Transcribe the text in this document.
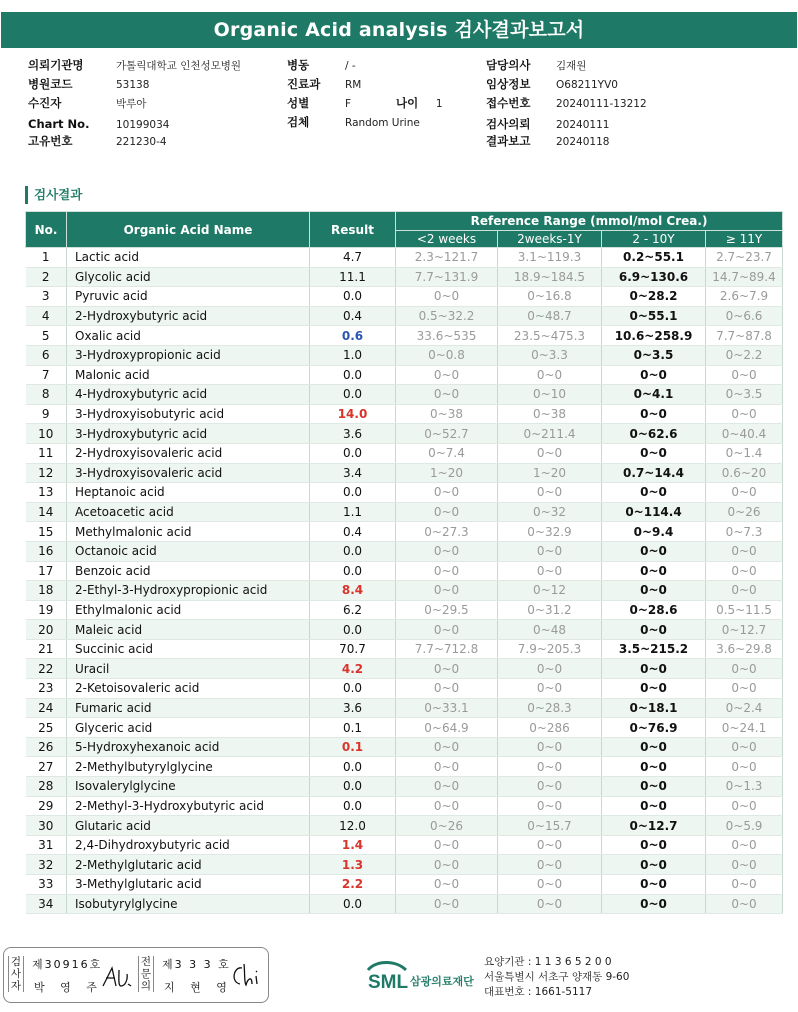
Organic Acid analysis 검사결과보고서
의뢰기관명	가톨릭대학교 인천성모병원
병원코드	53138
수진자	박루아
Chart No.	10199034
고유번호	221230-4
병동	/ -
진료과 RM
성별	F
검체	Random Urine
담당의사 김재원
임상정보 O68211YV0
접수번호 20240111-13212
검사의뢰 20240111
결과보고 20240118
나이 1
검사결과
No.	Organic Acid Name	Result	Reference Range (mmol/mol Crea.)			
			<2 weeks	2weeks-1Y	2 - 10Y	≥ 11Y
1	Lactic acid	4.7	2.3~121.7	3.1~119.3	0.2~55.1	2.7~23.7
2	Glycolic acid	11.1	7.7~131.9	18.9~184.5	6.9~130.6	14.7~89.4
3	Pyruvic acid	0.0	0~0	0~16.8	0~28.2	2.6~7.9
4	2-Hydroxybutyric acid	0.4	0.5~32.2	0~48.7	0~55.1	0~6.6
5	Oxalic acid	0.6	33.6~535	23.5~475.3	10.6~258.9	7.7~87.8
6	3-Hydroxypropionic acid	1.0	0~0.8	0~3.3	0~3.5	0~2.2
7	Malonic acid	0.0	0~0	0~0	0~0	0~0
8	4-Hydroxybutyric acid	0.0	0~0	0~10	0~4.1	0~3.5
9	3-Hydroxyisobutyric acid	14.0	0~38	0~38	0~0	0~0
10	3-Hydroxybutyric acid	3.6	0~52.7	0~211.4	0~62.6	0~40.4
11	2-Hydroxyisovaleric acid	0.0	0~7.4	0~0	0~0	0~1.4
12	3-Hydroxyisovaleric acid	3.4	1~20	1~20	0.7~14.4	0.6~20
13	Heptanoic acid	0.0	0~0	0~0	0~0	0~0
14	Acetoacetic acid	1.1	0~0	0~32	0~114.4	0~26
15	Methylmalonic acid	0.4	0~27.3	0~32.9	0~9.4	0~7.3
16	Octanoic acid	0.0	0~0	0~0	0~0	0~0
17	Benzoic acid	0.0	0~0	0~0	0~0	0~0
18	2-Ethyl-3-Hydroxypropionic acid	8.4	0~0	0~12	0~0	0~0
19	Ethylmalonic acid	6.2	0~29.5	0~31.2	0~28.6	0.5~11.5
20	Maleic acid	0.0	0~0	0~48	0~0	0~12.7
21	Succinic acid	70.7	7.7~712.8	7.9~205.3	3.5~215.2	3.6~29.8
22	Uracil	4.2	0~0	0~0	0~0	0~0
23	2-Ketoisovaleric acid	0.0	0~0	0~0	0~0	0~0
24	Fumaric acid	3.6	0~33.1	0~28.3	0~18.1	0~2.4
25	Glyceric acid	0.1	0~64.9	0~286	0~76.9	0~24.1
26	5-Hydroxyhexanoic acid	0.1	0~0	0~0	0~0	0~0
27	2-Methylbutyrylglycine	0.0	0~0	0~0	0~0	0~0
28	Isovalerylglycine	0.0	0~0	0~0	0~0	0~1.3
29	2-Methyl-3-Hydroxybutyric acid	0.0	0~0	0~0	0~0	0~0
30	Glutaric acid	12.0	0~26	0~15.7	0~12.7	0~5.9
31	2,4-Dihydroxybutyric acid	1.4	0~0	0~0	0~0	0~0
32	2-Methylglutaric acid	1.3	0~0	0~0	0~0	0~0
33	3-Methylglutaric acid	2.2	0~0	0~0	0~0	0~0
34	Isobutyrylglycine	0.0	0~0	0~0	0~0	0~0
검
사
자
제30916호
박 영 주
전
문
의
제3 3 3 호
지 현 영	SML 삼광의료재단
요양기관 : 1 1 3 6 5 2 0 0
서울특별시 서초구 양재동 9-60
대표번호 : 1661-5117
